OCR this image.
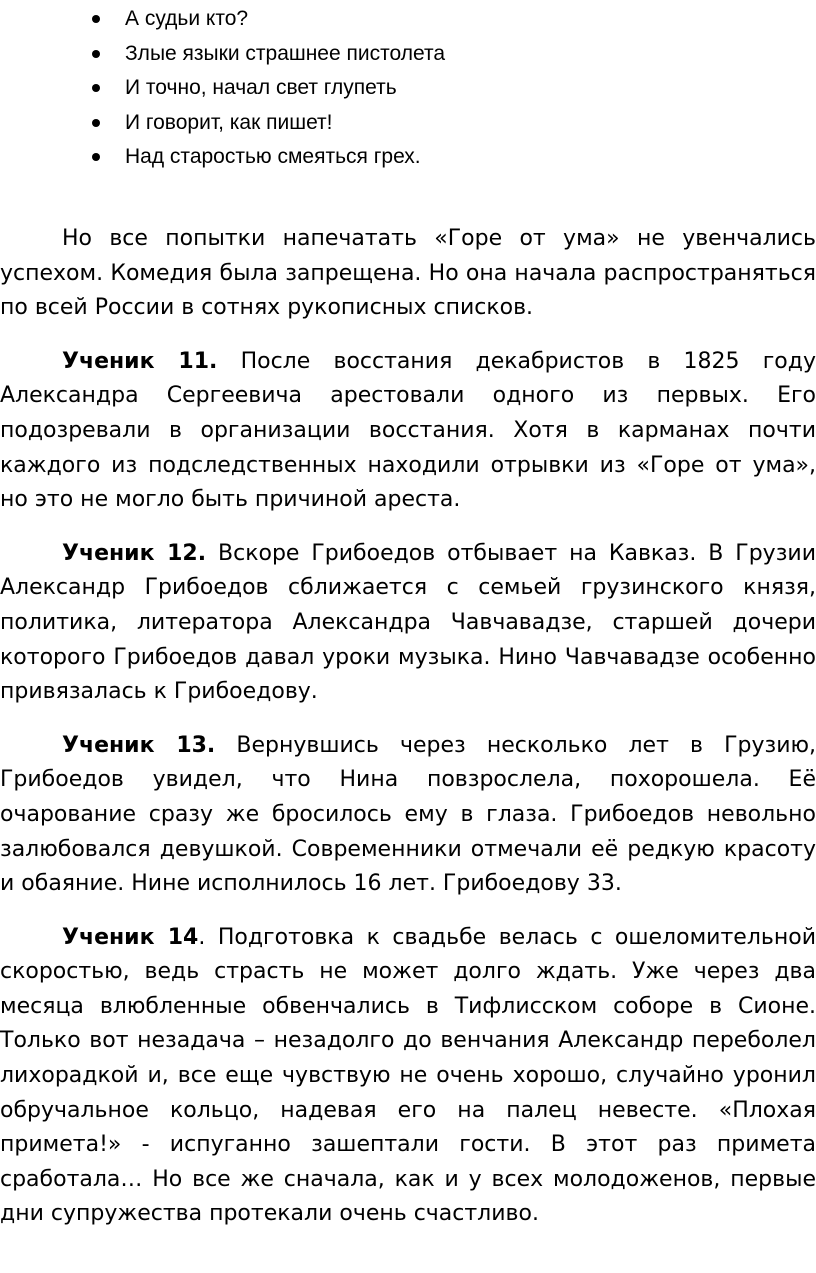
А судьи кто?
Злые языки страшнее пистолета
И точно, начал свет глупеть
И говорит, как пишет!
Над старостью смеяться грех.

Но все попытки напечатать «Горе от ума» не увенчались успехом. Комедия была запрещена. Но она начала распространяться по всей России в сотнях рукописных списков.

Ученик 11. После восстания декабристов в 1825 году Александра Сергеевича арестовали одного из первых. Его подозревали в организации восстания. Хотя в карманах почти каждого из подследственных находили отрывки из «Горе от ума», но это не могло быть причиной ареста.

Ученик 12. Вскоре Грибоедов отбывает на Кавказ. В Грузии Александр Грибоедов сближается с семьей грузинского князя, политика, литератора Александра Чавчавадзе, старшей дочери которого Грибоедов давал уроки музыка. Нино Чавчавадзе особенно привязалась к Грибоедову.

Ученик 13. Вернувшись через несколько лет в Грузию, Грибоедов увидел, что Нина повзрослела, похорошела. Её очарование сразу же бросилось ему в глаза. Грибоедов невольно залюбовался девушкой. Современники отмечали её редкую красоту и обаяние. Нине исполнилось 16 лет. Грибоедову 33.

Ученик 14. Подготовка к свадьбе велась с ошеломительной скоростью, ведь страсть не может долго ждать. Уже через два месяца влюбленные обвенчались в Тифлисском соборе в Сионе. Только вот незадача – незадолго до венчания Александр переболел лихорадкой и, все еще чувствую не очень хорошо, случайно уронил обручальное кольцо, надевая его на палец невесте. «Плохая примета!» - испуганно зашептали гости. В этот раз примета сработала… Но все же сначала, как и у всех молодоженов, первые дни супружества протекали очень счастливо.
